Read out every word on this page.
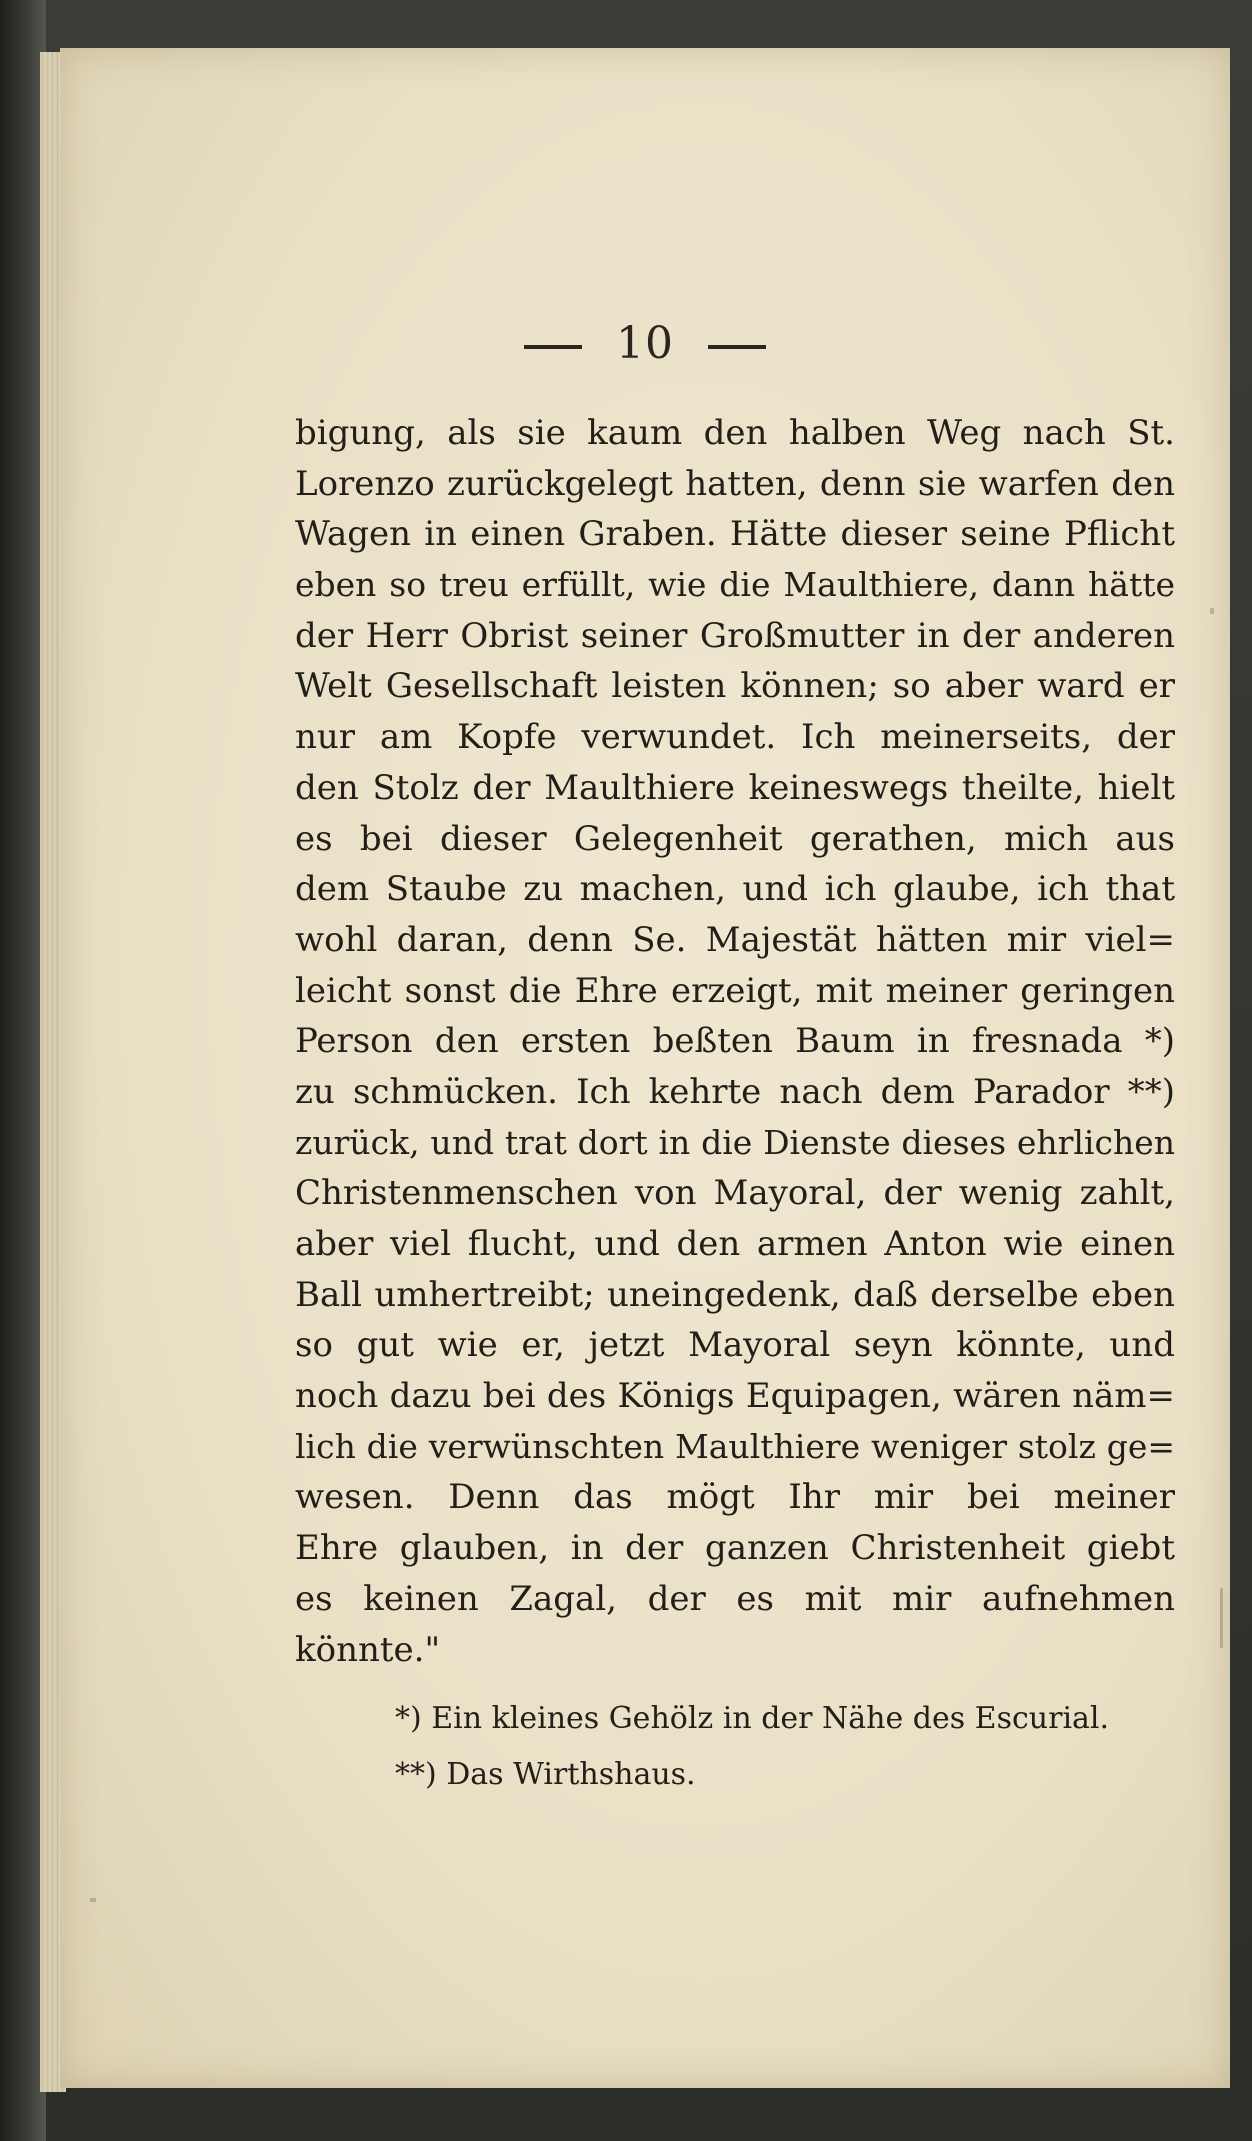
10
bigung, als sie kaum den halben Weg nach St.
Lorenzo zurückgelegt hatten, denn sie warfen den
Wagen in einen Graben. Hätte dieser seine Pflicht
eben so treu erfüllt, wie die Maulthiere, dann hätte
der Herr Obrist seiner Großmutter in der anderen
Welt Gesellschaft leisten können; so aber ward er
nur am Kopfe verwundet. Ich meinerseits, der
den Stolz der Maulthiere keineswegs theilte, hielt
es bei dieser Gelegenheit gerathen, mich aus
dem Staube zu machen, und ich glaube, ich that
wohl daran, denn Se. Majestät hätten mir viel=
leicht sonst die Ehre erzeigt, mit meiner geringen
Person den ersten beßten Baum in fresnada *)
zu schmücken. Ich kehrte nach dem Parador **)
zurück, und trat dort in die Dienste dieses ehrlichen
Christenmenschen von Mayoral, der wenig zahlt,
aber viel flucht, und den armen Anton wie einen
Ball umhertreibt; uneingedenk, daß derselbe eben
so gut wie er, jetzt Mayoral seyn könnte, und
noch dazu bei des Königs Equipagen, wären näm=
lich die verwünschten Maulthiere weniger stolz ge=
wesen. Denn das mögt Ihr mir bei meiner
Ehre glauben, in der ganzen Christenheit giebt
es keinen Zagal, der es mit mir aufnehmen
könnte."
*) Ein kleines Gehölz in der Nähe des Escurial.
**) Das Wirthshaus.
